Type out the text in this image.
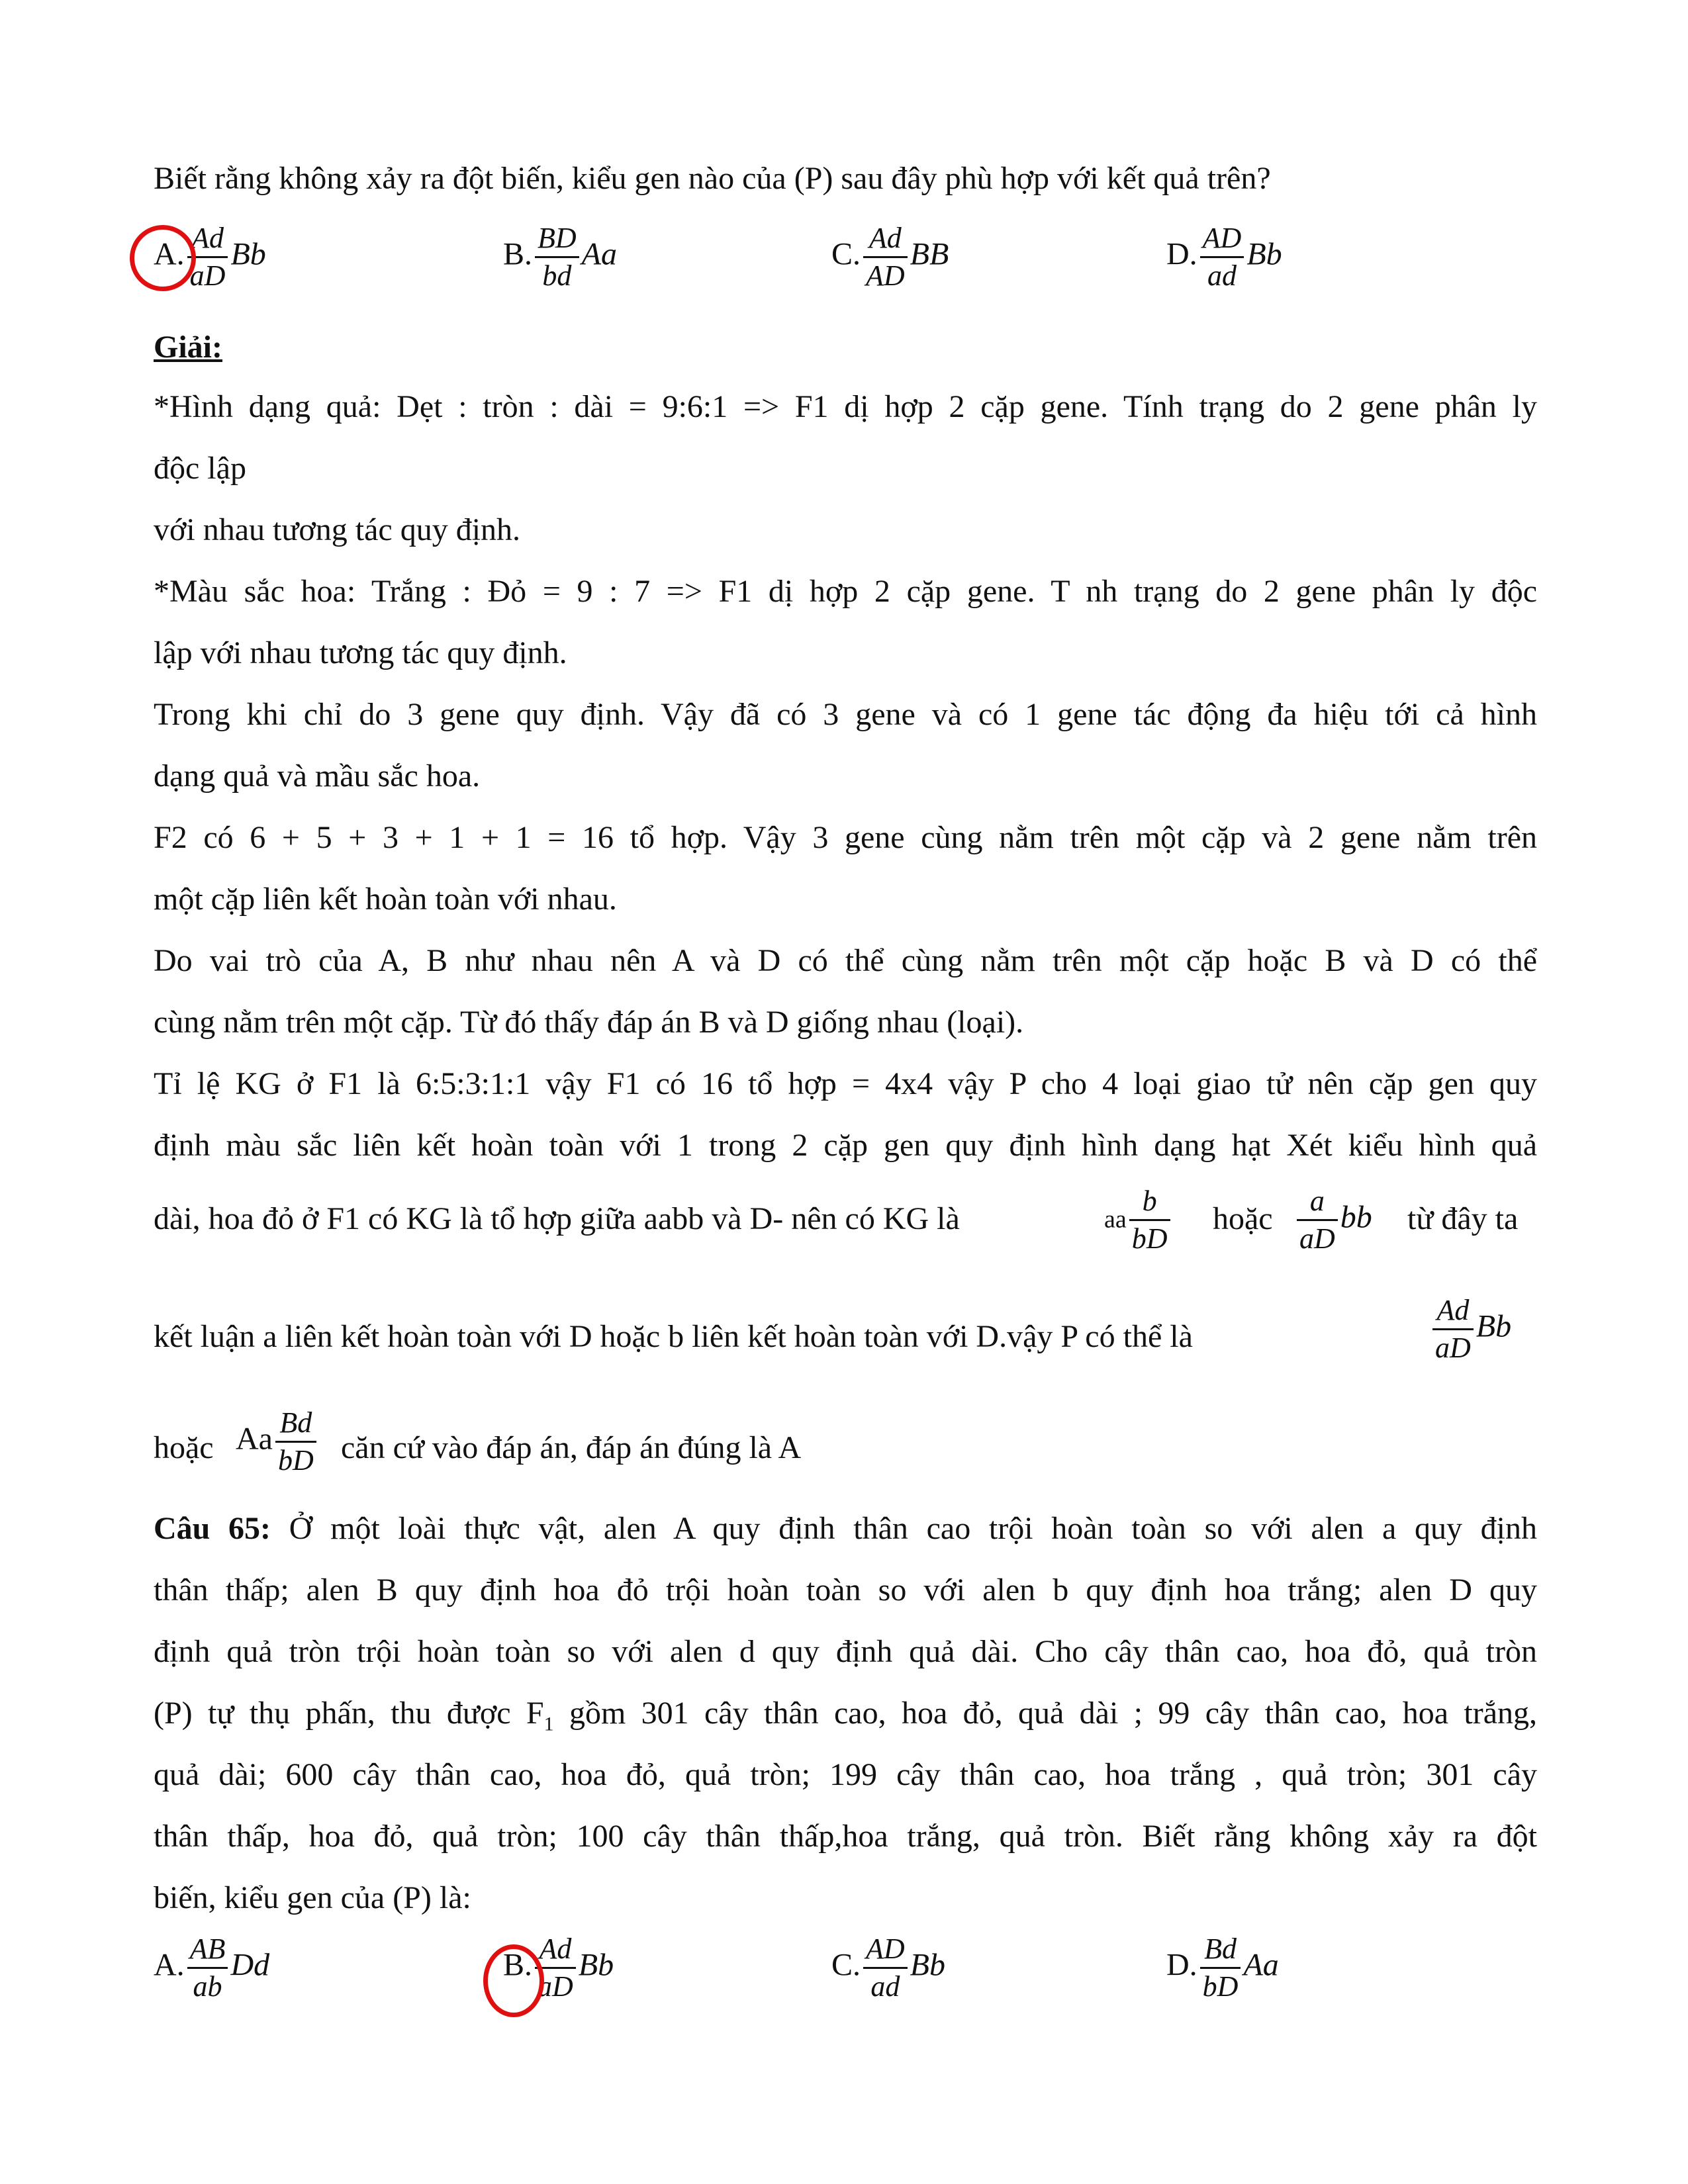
Biết rằng không xảy ra đột biến, kiểu gen nào của (P) sau đây phù hợp với kết quả trên?
A. $\frac{Ad}{aD}$ Bb	B. $\frac{BD}{bd}$ Aa	C. $\frac{Ad}{AD}$ BB	D. $\frac{AD}{ad}$ Bb
Giải:
*Hình dạng quả: Dẹt : tròn : dài = 9:6:1 => F1 dị hợp 2 cặp gene. Tính trạng do 2 gene phân ly
độc lập
với nhau tương tác quy định.
*Màu sắc hoa: Trắng : Đỏ = 9 : 7 => F1 dị hợp 2 cặp gene. T nh trạng do 2 gene phân ly độc
lập với nhau tương tác quy định.
Trong khi chỉ do 3 gene quy định. Vậy đã có 3 gene và có 1 gene tác động đa hiệu tới cả hình
dạng quả và mầu sắc hoa.
F2 có 6 + 5 + 3 + 1 + 1 = 16 tổ hợp. Vậy 3 gene cùng nằm trên một cặp và 2 gene nằm trên
một cặp liên kết hoàn toàn với nhau.
Do vai trò của A, B như nhau nên A và D có thể cùng nằm trên một cặp hoặc B và D có thể
cùng nằm trên một cặp. Từ đó thấy đáp án B và D giống nhau (loại).
Tỉ lệ KG ở F1 là 6:5:3:1:1 vậy F1 có 16 tổ hợp = 4x4 vậy P cho 4 loại giao tử nên cặp gen quy
định màu sắc liên kết hoàn toàn với 1 trong 2 cặp gen quy định hình dạng hạt Xét kiểu hình quả
dài, hoa đỏ ở F1 có KG là tổ hợp giữa aabb và D- nên có KG là	aa $\frac{b}{bD}$ hoặc $\frac{a}{aD}$ bb từ đây ta
kết luận a liên kết hoàn toàn với D hoặc b liên kết hoàn toàn với D.vậy P có thể là	$\frac{Ad}{aD}$ Bb
hoặc Aa $\frac{Bd}{bD}$ căn cứ vào đáp án, đáp án đúng là A
Câu 65: Ở một loài thực vật, alen A quy định thân cao trội hoàn toàn so với alen a quy định
thân thấp; alen B quy định hoa đỏ trội hoàn toàn so với alen b quy định hoa trắng; alen D quy
định quả tròn trội hoàn toàn so với alen d quy định quả dài. Cho cây thân cao, hoa đỏ, quả tròn
(P) tự thụ phấn, thu được $F_1$ gồm 301 cây thân cao, hoa đỏ, quả dài ; 99 cây thân cao, hoa trắng,
quả dài; 600 cây thân cao, hoa đỏ, quả tròn; 199 cây thân cao, hoa trắng , quả tròn; 301 cây
thân thấp, hoa đỏ, quả tròn; 100 cây thân thấp,hoa trắng, quả tròn. Biết rằng không xảy ra đột
biến, kiểu gen của (P) là:
A. $\frac{AB}{ab}$ Dd	B. $\frac{Ad}{aD}$ Bb	C. $\frac{AD}{ad}$ Bb	D. $\frac{Bd}{bD}$ Aa
